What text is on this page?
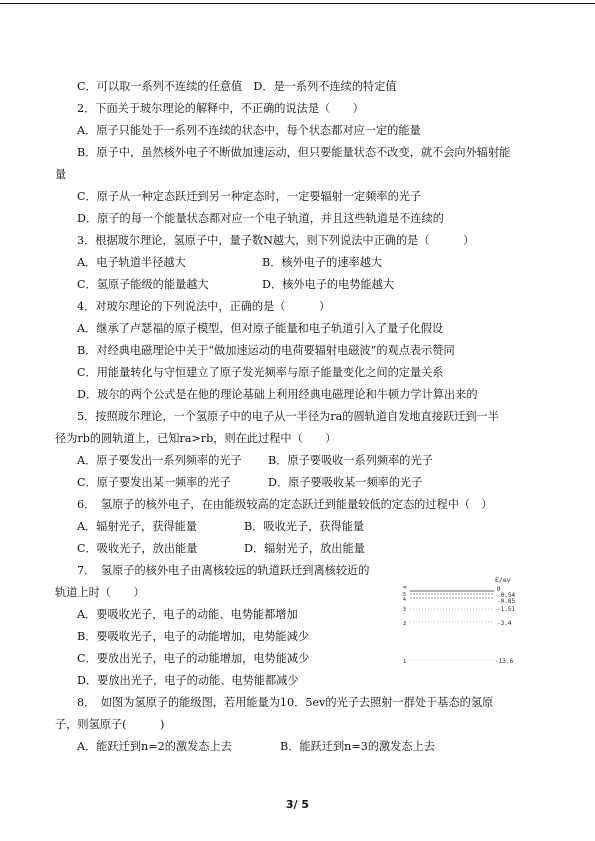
C．可以取一系列不连续的任意值　D．是一系列不连续的特定值
2．下面关于玻尔理论的解释中，不正确的说法是（　　）
A．原子只能处于一系列不连续的状态中，每个状态都对应一定的能量
B．原子中，虽然核外电子不断做加速运动，但只要能量状态不改变，就不会向外辐射能
量
C．原子从一种定态跃迁到另一种定态时，一定要辐射一定频率的光子
D．原子的每一个能量状态都对应一个电子轨道，并且这些轨道是不连续的
3．根据玻尔理论，氢原子中，量子数N越大，则下列说法中正确的是（　　　）
A．电子轨道半径越大	B．核外电子的速率越大
C．氢原子能级的能量越大	D．核外电子的电势能越大
4．对玻尔理论的下列说法中，正确的是（　　　）
A．继承了卢瑟福的原子模型，但对原子能量和电子轨道引入了量子化假设
B．对经典电磁理论中关于“做加速运动的电荷要辐射电磁波”的观点表示赞同
C．用能量转化与守恒建立了原子发光频率与原子能量变化之间的定量关系
D．玻尔的两个公式是在他的理论基础上利用经典电磁理论和牛顿力学计算出来的
5．按照玻尔理论，一个氢原子中的电子从一半径为ra的圆轨道自发地直接跃迁到一半
径为rb的圆轨道上，已知ra>rb，则在此过程中（　　）
A．原子要发出一系列频率的光子 B．原子要吸收一系列频率的光子
C．原子要发出某一频率的光子	D．原子要吸收某一频率的光子
6．　氢原子的核外电子，在由能级较高的定态跃迁到能量较低的定态的过程中（　）
A．辐射光子，获得能量	B．吸收光子，获得能量
C．吸收光子，放出能量	D．辐射光子，放出能量
7．　氢原子的核外电子由离核较远的轨道跃迁到离核较近的
轨道上时（　　）
A．要吸收光子，电子的动能、电势能都增加
B．要吸收光子，电子的动能增加，电势能减少
C．要放出光子，电子的动能增加，电势能减少
D．要放出光子，电子的动能、电势能都减少
8．　如图为氢原子的能级图，若用能量为10．5ev的光子去照射一群处于基态的氢原
子，则氢原子(　　　)
A．能跃迁到n=2的激发态上去	B．能跃迁到n=3的激发态上去
E/ev
∞
5
4
3
2
1
0
-0.54
-0.85
-1.51
-3.4
-13.6
3/ 5
